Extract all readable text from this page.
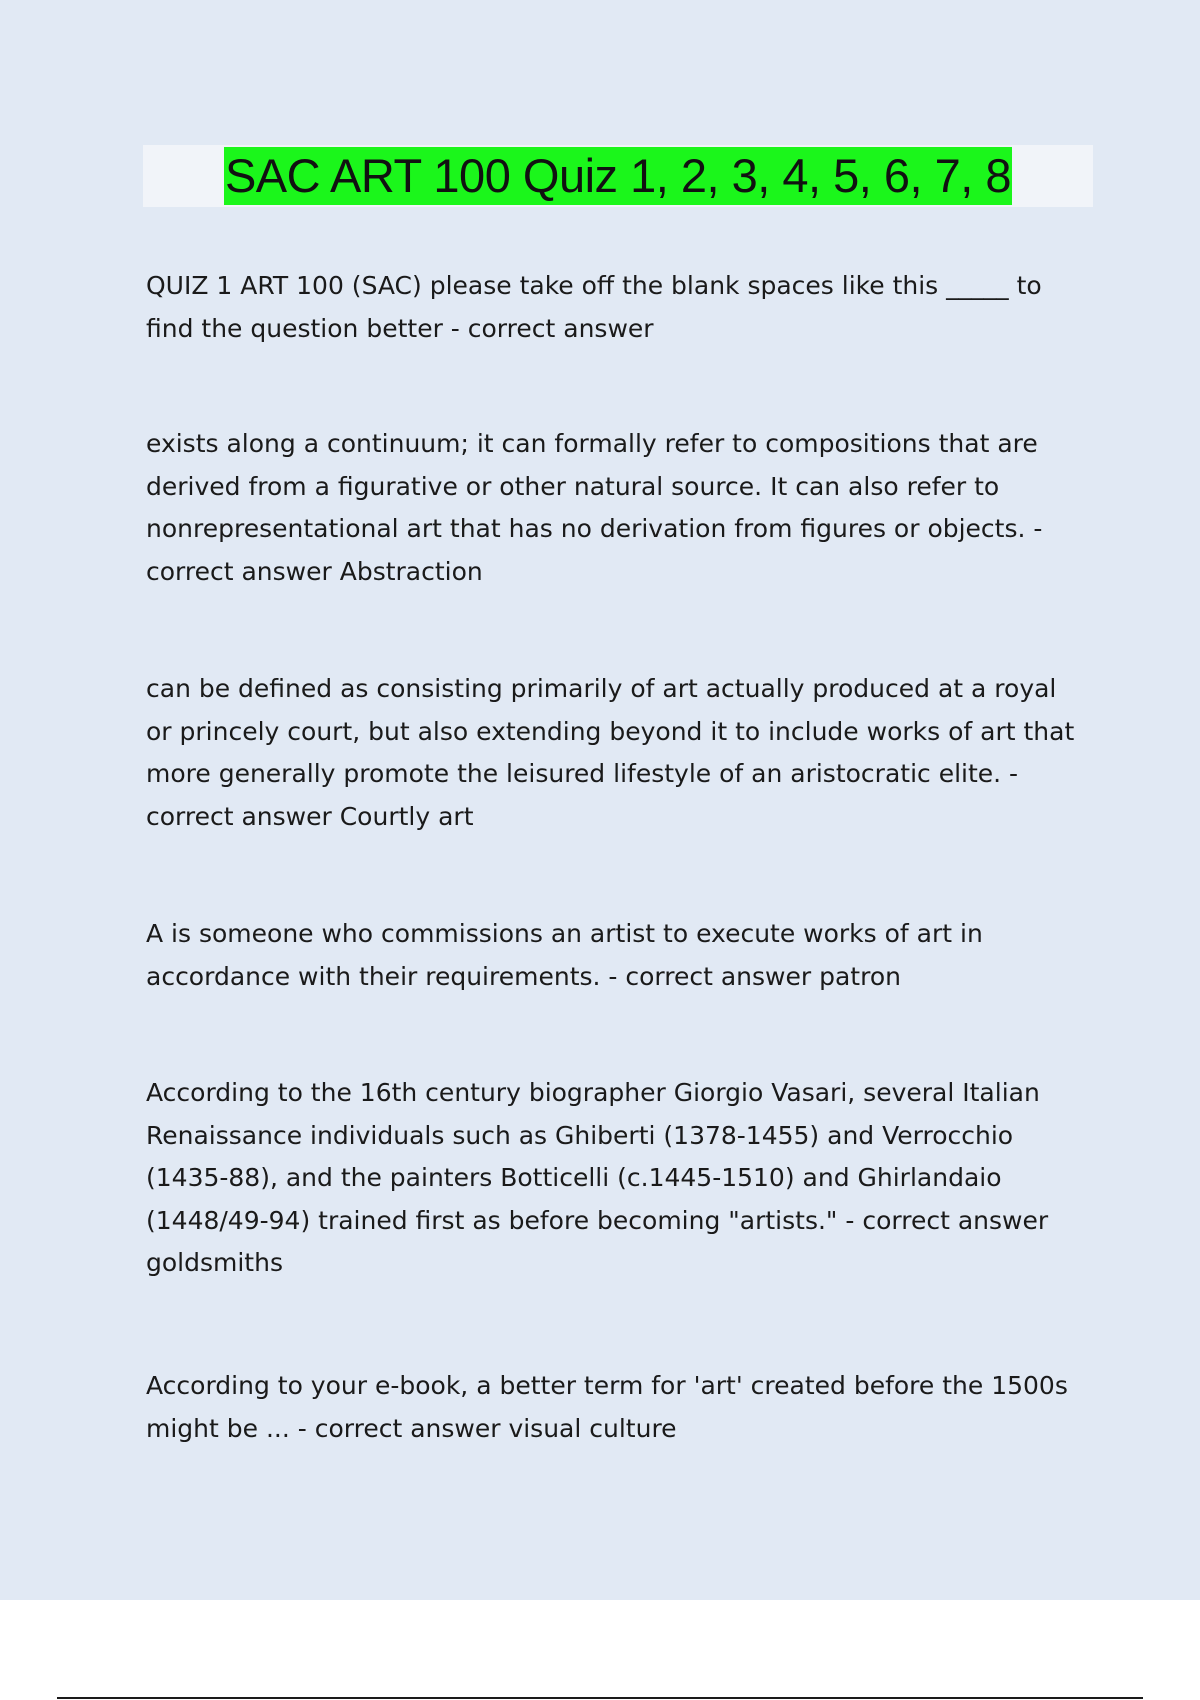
SAC ART 100 Quiz 1, 2, 3, 4, 5, 6, 7, 8

QUIZ 1 ART 100 (SAC) please take off the blank spaces like this _____ to find the question better - correct answer

exists along a continuum; it can formally refer to compositions that are derived from a figurative or other natural source. It can also refer to nonrepresentational art that has no derivation from figures or objects. - correct answer Abstraction

can be defined as consisting primarily of art actually produced at a royal or princely court, but also extending beyond it to include works of art that more generally promote the leisured lifestyle of an aristocratic elite. - correct answer Courtly art

A is someone who commissions an artist to execute works of art in accordance with their requirements. - correct answer patron

According to the 16th century biographer Giorgio Vasari, several Italian Renaissance individuals such as Ghiberti (1378-1455) and Verrocchio (1435-88), and the painters Botticelli (c.1445-1510) and Ghirlandaio (1448/49-94) trained first as before becoming "artists." - correct answer goldsmiths

According to your e-book, a better term for 'art' created before the 1500s might be ... - correct answer visual culture
